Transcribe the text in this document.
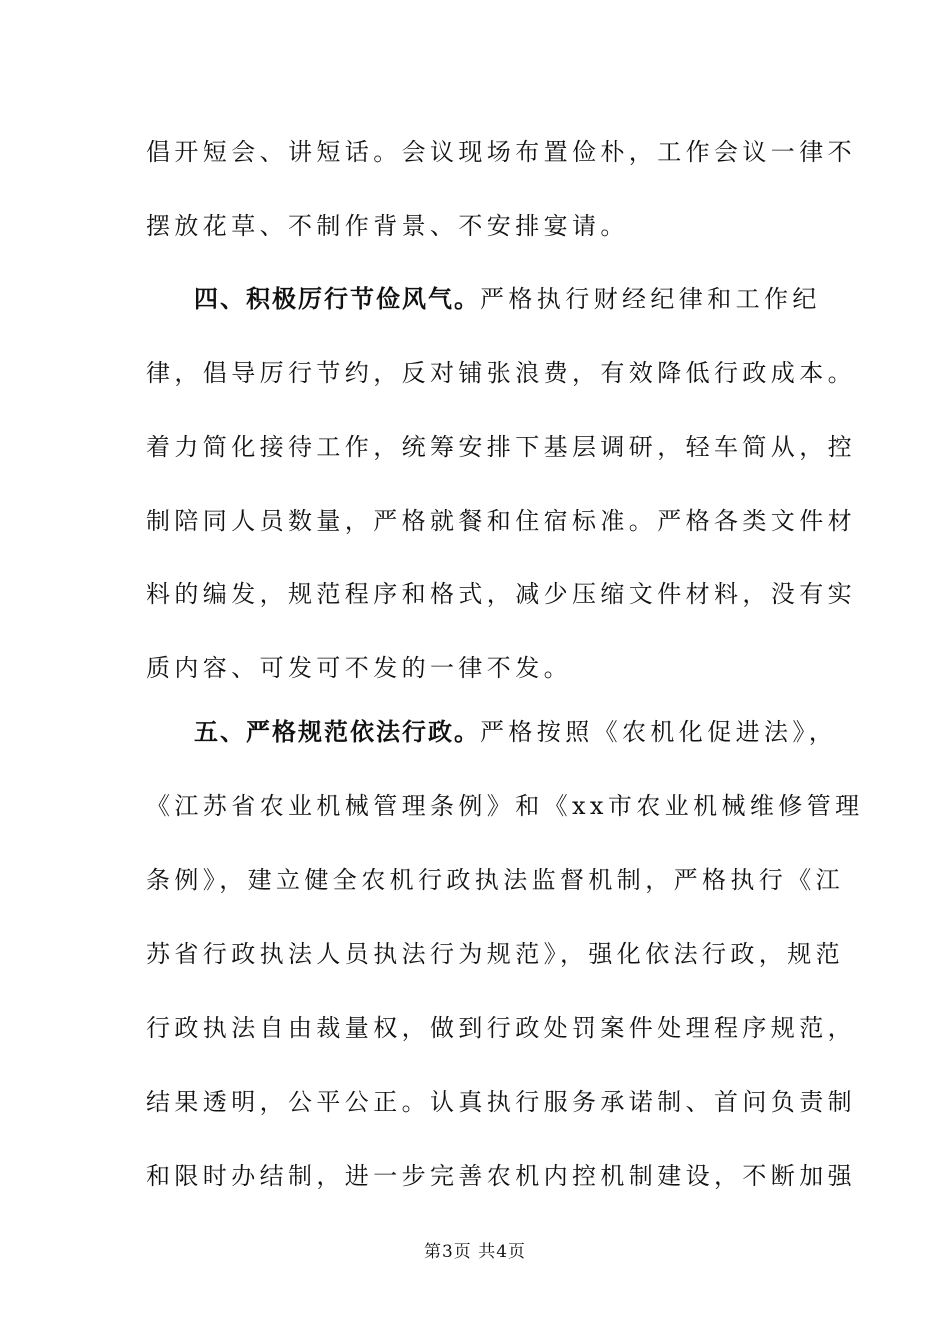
倡开短会、讲短话。会议现场布置俭朴，工作会议一律不
摆放花草、不制作背景、不安排宴请。
四、积极厉行节俭风气。严格执行财经纪律和工作纪
律，倡导厉行节约，反对铺张浪费，有效降低行政成本。
着力简化接待工作，统筹安排下基层调研，轻车简从，控
制陪同人员数量，严格就餐和住宿标准。严格各类文件材
料的编发，规范程序和格式，减少压缩文件材料，没有实
质内容、可发可不发的一律不发。
五、严格规范依法行政。严格按照《农机化促进法》，
《江苏省农业机械管理条例》和《xx市农业机械维修管理
条例》，建立健全农机行政执法监督机制，严格执行《江
苏省行政执法人员执法行为规范》，强化依法行政，规范
行政执法自由裁量权，做到行政处罚案件处理程序规范，
结果透明，公平公正。认真执行服务承诺制、首问负责制
和限时办结制，进一步完善农机内控机制建设，不断加强
第3页 共4页
